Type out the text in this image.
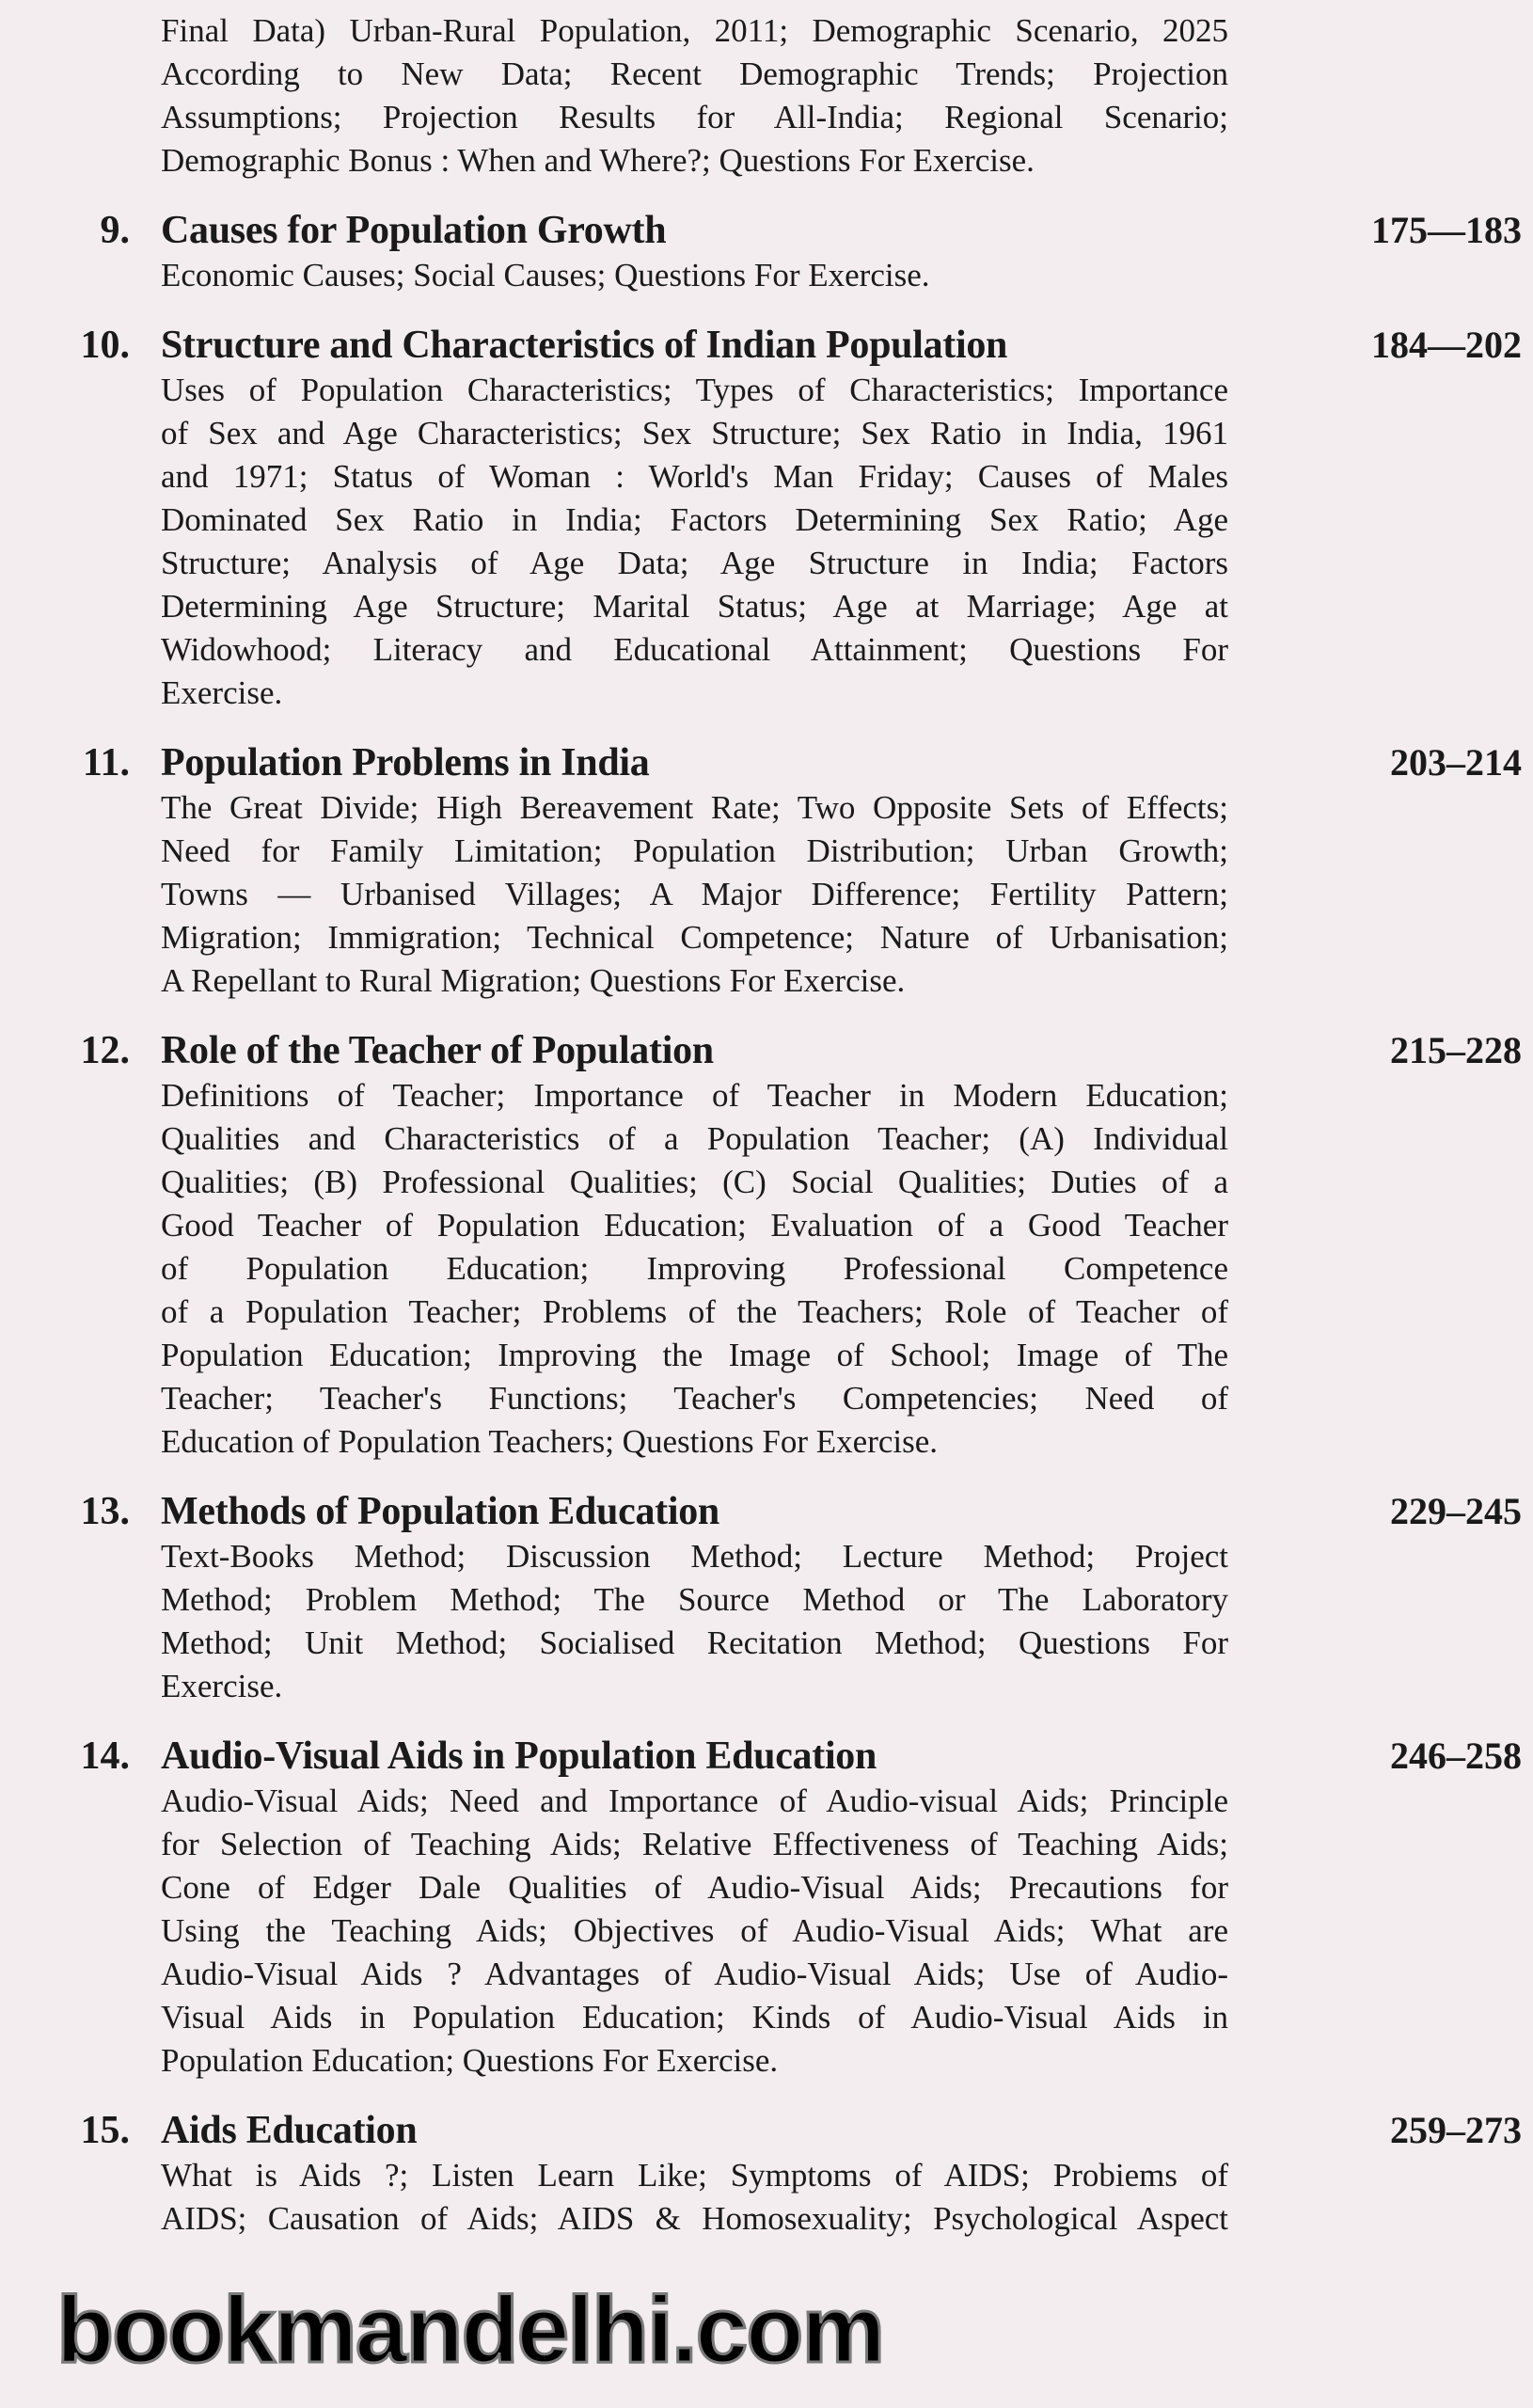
Final Data) Urban-Rural Population, 2011; Demographic Scenario, 2025
According to New Data; Recent Demographic Trends; Projection
Assumptions; Projection Results for All-India; Regional Scenario;
Demographic Bonus : When and Where?; Questions For Exercise.
9. Causes for Population Growth	175—183
Economic Causes; Social Causes; Questions For Exercise.
10. Structure and Characteristics of Indian Population	184—202
Uses of Population Characteristics; Types of Characteristics; Importance
of Sex and Age Characteristics; Sex Structure; Sex Ratio in India, 1961
and 1971; Status of Woman : World's Man Friday; Causes of Males
Dominated Sex Ratio in India; Factors Determining Sex Ratio; Age
Structure; Analysis of Age Data; Age Structure in India; Factors
Determining Age Structure; Marital Status; Age at Marriage; Age at
Widowhood; Literacy and Educational Attainment; Questions For
Exercise.
11. Population Problems in India	203–214
The Great Divide; High Bereavement Rate; Two Opposite Sets of Effects;
Need for Family Limitation; Population Distribution; Urban Growth;
Towns — Urbanised Villages; A Major Difference; Fertility Pattern;
Migration; Immigration; Technical Competence; Nature of Urbanisation;
A Repellant to Rural Migration; Questions For Exercise.
12. Role of the Teacher of Population	215–228
Definitions of Teacher; Importance of Teacher in Modern Education;
Qualities and Characteristics of a Population Teacher; (A) Individual
Qualities; (B) Professional Qualities; (C) Social Qualities; Duties of a
Good Teacher of Population Education; Evaluation of a Good Teacher
of Population Education; Improving Professional Competence
of a Population Teacher; Problems of the Teachers; Role of Teacher of
Population Education; Improving the Image of School; Image of The
Teacher; Teacher's Functions; Teacher's Competencies; Need of
Education of Population Teachers; Questions For Exercise.
13. Methods of Population Education	229–245
Text-Books Method; Discussion Method; Lecture Method; Project
Method; Problem Method; The Source Method or The Laboratory
Method; Unit Method; Socialised Recitation Method; Questions For
Exercise.
14. Audio-Visual Aids in Population Education	246–258
Audio-Visual Aids; Need and Importance of Audio-visual Aids; Principle
for Selection of Teaching Aids; Relative Effectiveness of Teaching Aids;
Cone of Edger Dale Qualities of Audio-Visual Aids; Precautions for
Using the Teaching Aids; Objectives of Audio-Visual Aids; What are
Audio-Visual Aids ? Advantages of Audio-Visual Aids; Use of Audio-
Visual Aids in Population Education; Kinds of Audio-Visual Aids in
Population Education; Questions For Exercise.
15. Aids Education	259–273
What is Aids ?; Listen Learn Like; Symptoms of AIDS; Probiems of
AIDS; Causation of Aids; AIDS & Homosexuality; Psychological Aspect
bookmandelhi.com
